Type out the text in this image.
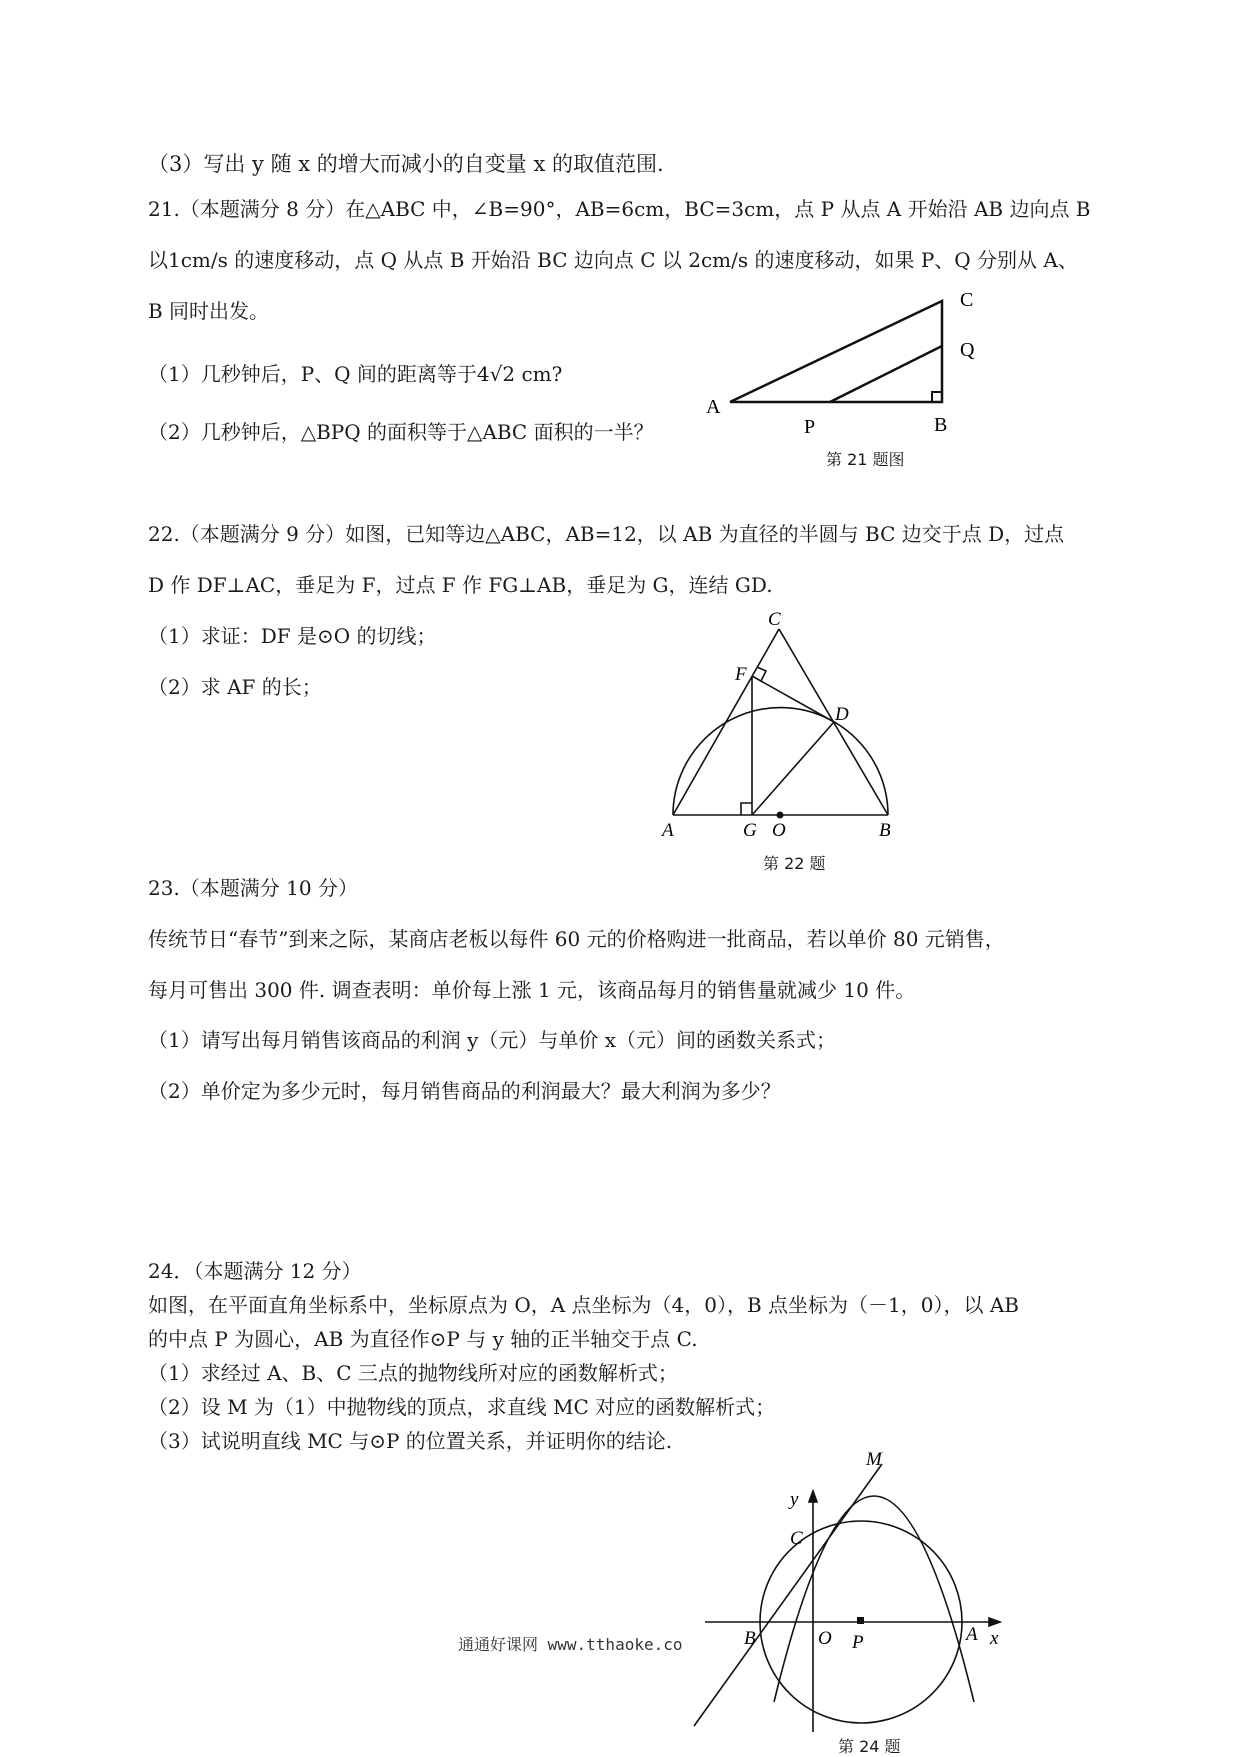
（3）写出 y 随 x 的增大而减小的自变量 x 的取值范围.
21.（本题满分 8 分）在△ABC 中，∠B=90°，AB=6cm，BC=3cm，点 P 从点 A 开始沿 AB 边向点 B
以1cm/s 的速度移动，点 Q 从点 B 开始沿 BC 边向点 C 以 2cm/s 的速度移动，如果 P、Q 分别从 A、
B 同时出发。
（1）几秒钟后，P、Q 间的距离等于4√2 cm?
（2）几秒钟后，△BPQ 的面积等于△ABC 面积的一半？
C
Q
A
P	B
第 21 题图
22.（本题满分 9 分）如图，已知等边△ABC，AB=12，以 AB 为直径的半圆与 BC 边交于点 D，过点
D 作 DF⊥AC，垂足为 F，过点 F 作 FG⊥AB，垂足为 G，连结 GD.
（1）求证：DF 是⊙O 的切线；
（2）求 AF 的长；
C
F
D
A	G O	B
第 22 题
23.（本题满分 10 分）
传统节日“春节”到来之际，某商店老板以每件 60 元的价格购进一批商品，若以单价 80 元销售，
每月可售出 300 件. 调查表明：单价每上涨 1 元，该商品每月的销售量就减少 10 件。
（1）请写出每月销售该商品的利润 y（元）与单价 x（元）间的函数关系式；
（2）单价定为多少元时，每月销售商品的利润最大？最大利润为多少？
24．（本题满分 12 分）
如图，在平面直角坐标系中，坐标原点为 O，A 点坐标为（4，0），B 点坐标为（－1，0），以 AB
的中点 P 为圆心，AB 为直径作⊙P 与 y 轴的正半轴交于点 C.
（1）求经过 A、B、C 三点的抛物线所对应的函数解析式；
（2）设 M 为（1）中抛物线的顶点，求直线 MC 对应的函数解析式；
（3）试说明直线 MC 与⊙P 的位置关系，并证明你的结论.
M
y
C
B	O P	A x
第 24 题
通通好课网 www.tthaoke.co
